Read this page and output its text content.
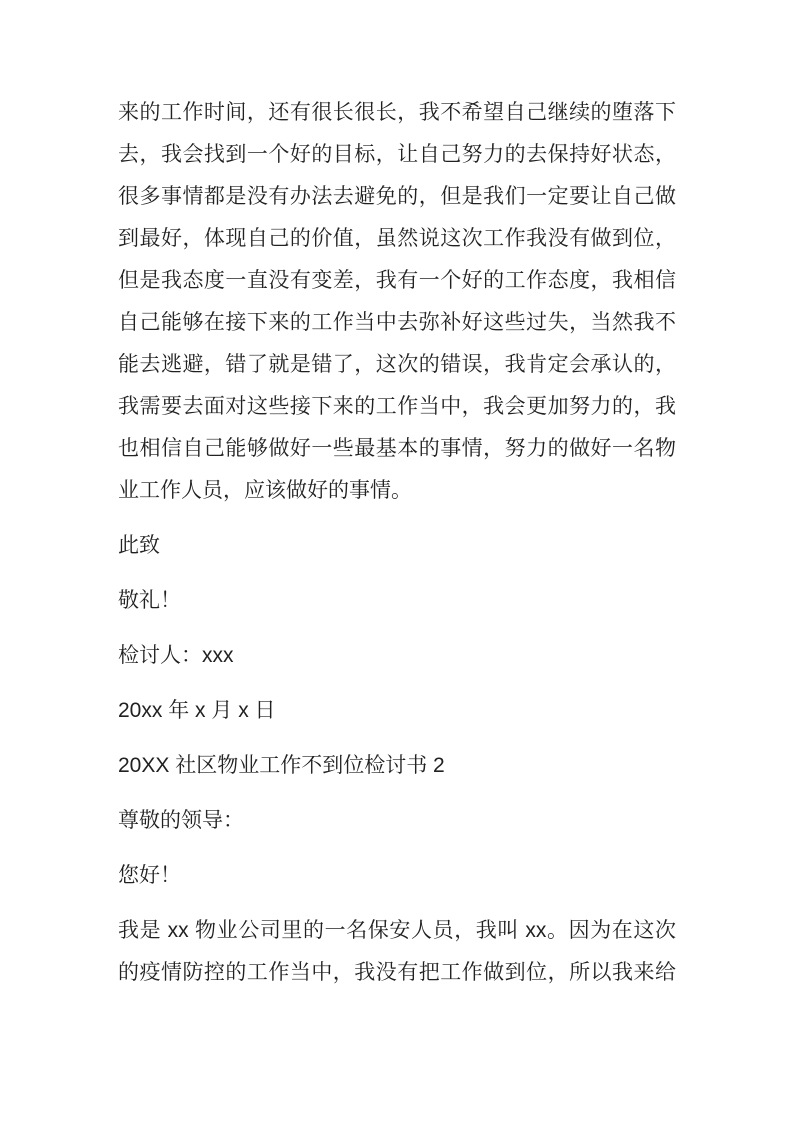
来的工作时间，还有很长很长，我不希望自己继续的堕落下
去，我会找到一个好的目标，让自己努力的去保持好状态，
很多事情都是没有办法去避免的，但是我们一定要让自己做
到最好，体现自己的价值，虽然说这次工作我没有做到位，
但是我态度一直没有变差，我有一个好的工作态度，我相信
自己能够在接下来的工作当中去弥补好这些过失，当然我不
能去逃避，错了就是错了，这次的错误，我肯定会承认的，
我需要去面对这些接下来的工作当中，我会更加努力的，我
也相信自己能够做好一些最基本的事情，努力的做好一名物
业工作人员，应该做好的事情。
此致
敬礼！
检讨人：xxx
20xx 年 x 月 x 日
20XX 社区物业工作不到位检讨书 2
尊敬的领导：
您好！
我是 xx 物业公司里的一名保安人员，我叫 xx。因为在这次
的疫情防控的工作当中，我没有把工作做到位，所以我来给
